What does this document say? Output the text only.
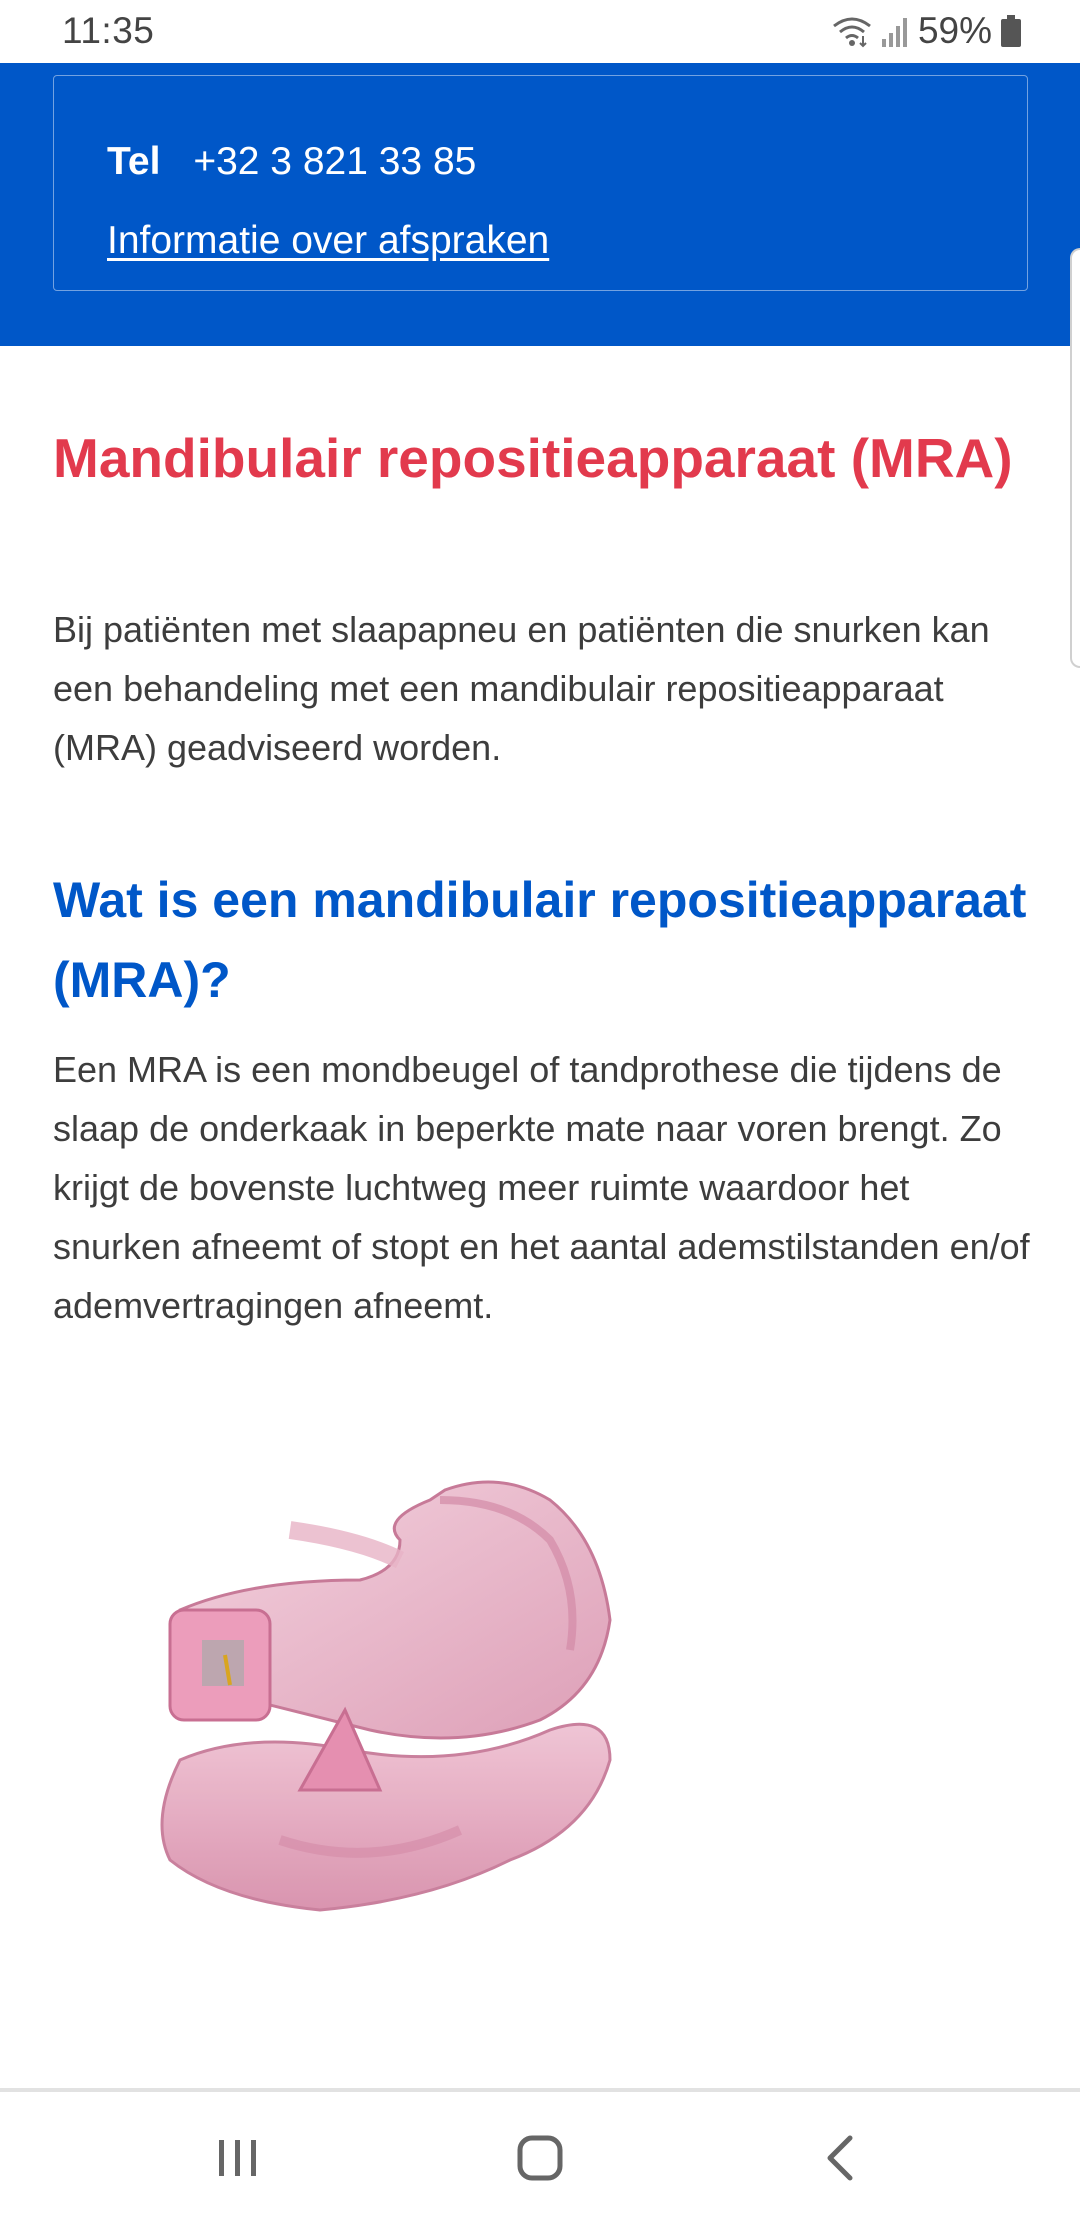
11:35	59%
Tel +32 3 821 33 85
Informatie over afspraken
Mandibulair repositieapparaat (MRA)

Bij patiënten met slaapapneu en patiënten die snurken kan een behandeling met een mandibulair repositieapparaat (MRA) geadviseerd worden.

Wat is een mandibulair repositieapparaat (MRA)?

Een MRA is een mondbeugel of tandprothese die tijdens de slaap de onderkaak in beperkte mate naar voren brengt. Zo krijgt de bovenste luchtweg meer ruimte waardoor het snurken afneemt of stopt en het aantal ademstilstanden en/of ademvertragingen afneemt.
